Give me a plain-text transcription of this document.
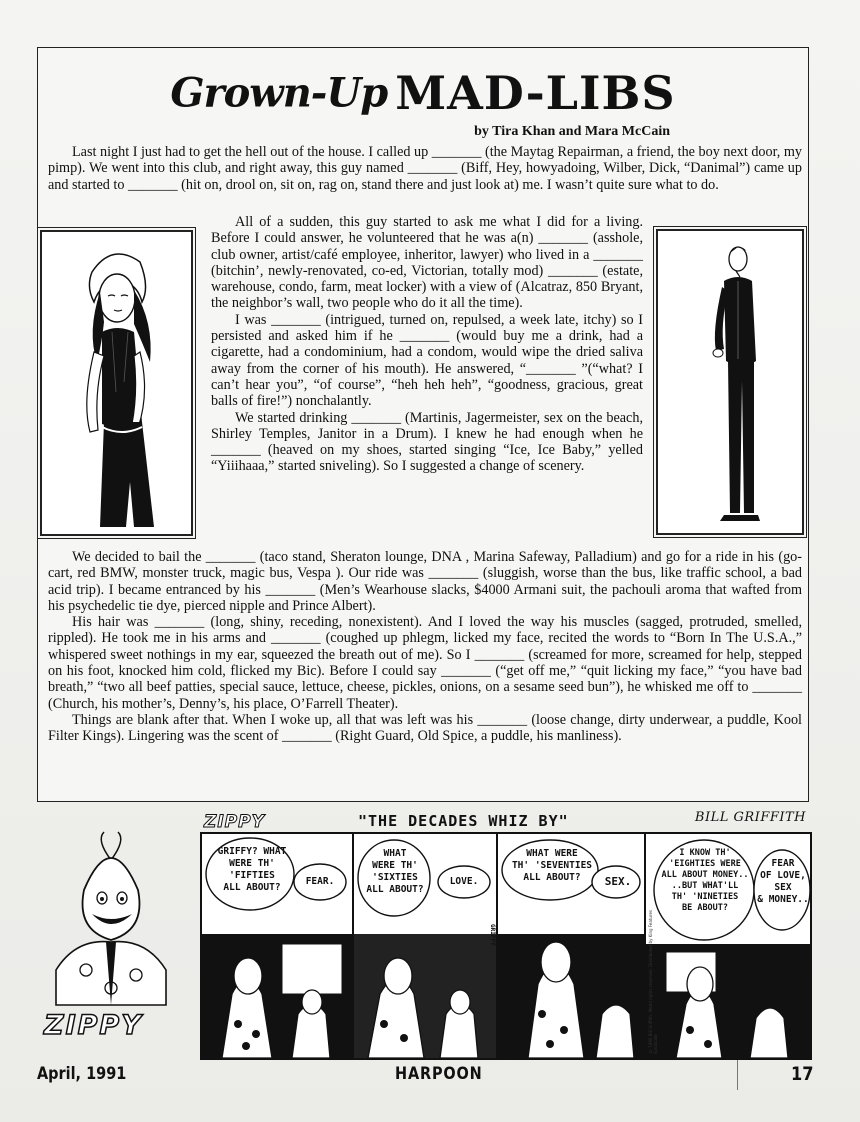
Grown-Up MAD-LIBS
by Tira Khan and Mara McCain

Last night I just had to get the hell out of the house. I called up _______ (the Maytag Repairman, a friend, the boy next door, my pimp). We went into this club, and right away, this guy named _______ (Biff, Hey, howyadoing, Wilber, Dick, “Danimal”) came up and started to _______ (hit on, drool on, sit on, rag on, stand there and just look at) me. I wasn’t quite sure what to do.

All of a sudden, this guy started to ask me what I did for a living. Before I could answer, he volunteered that he was a(n) _______ (asshole, club owner, artist/café employee, inheritor, lawyer) who lived in a _______ (bitchin’, newly-renovated, co-ed, Victorian, totally mod) _______ (estate, warehouse, condo, farm, meat locker) with a view of (Alcatraz, 850 Bryant, the neighbor’s wall, two people who do it all the time).

I was _______ (intrigued, turned on, repulsed, a week late, itchy) so I persisted and asked him if he _______ (would buy me a drink, had a cigarette, had a condominium, had a condom, would wipe the dried saliva away from the corner of his mouth). He answered, “_______ ”(“what? I can’t hear you”, “of course”, “heh heh heh”, “goodness, gracious, great balls of fire!”) nonchalantly.

We started drinking _______ (Martinis, Jagermeister, sex on the beach, Shirley Temples, Janitor in a Drum). I knew he had enough when he _______ (heaved on my shoes, started singing “Ice, Ice Baby,” yelled “Yiiihaaa,” started sniveling). So I suggested a change of scenery.

We decided to bail the _______ (taco stand, Sheraton lounge, DNA , Marina Safeway, Palladium) and go for a ride in his (go-cart, red BMW, monster truck, magic bus, Vespa ). Our ride was _______ (sluggish, worse than the bus, like traffic school, a bad acid trip). I became entranced by his _______ (Men’s Wearhouse slacks, $4000 Armani suit, the pachouli aroma that wafted from his psychedelic tie dye, pierced nipple and Prince Albert).

His hair was _______ (long, shiny, receding, nonexistent). And I loved the way his muscles (sagged, protruded, smelled, rippled). He took me in his arms and _______ (coughed up phlegm, licked my face, recited the words to “Born In The U.S.A.,” whispered sweet nothings in my ear, squeezed the breath out of me). So I _______ (screamed for more, screamed for help, stepped on his foot, knocked him cold, flicked my Bic). Before I could say _______ (“get off me,” “quit licking my face,” “you have bad breath,” “two all beef patties, special sauce, lettuce, cheese, pickles, onions, on a sesame seed bun”), he whisked me off to _______ (Church, his mother’s, Denny’s, his place, O’Farrell Theater).

Things are blank after that. When I woke up, all that was left was his _______ (loose change, dirty underwear, a puddle, Kool Filter Kings). Lingering was the scent of _______ (Right Guard, Old Spice, a puddle, his manliness).

ZIPPY
ZIPPY	"THE DECADES WHIZ BY"	BILL GRIFFITH
GRIFFY? WHAT
WERE TH'
'FIFTIES
ALL ABOUT?
FEAR.
WHAT
WERE TH'
'SIXTIES
ALL ABOUT?
LOVE.
GRIFFY
WHAT WERE
TH' 'SEVENTIES
ALL ABOUT?	SEX.
© 1990 Bill Griffith. World rights reserved. Distributed by King Features Syndicate
I KNOW TH'
'EIGHTIES WERE
ALL ABOUT MONEY..
..BUT WHAT'LL
TH' 'NINETIES
BE ABOUT?
FEAR
OF LOVE,
SEX
& MONEY..
April, 1991	HARPOON	17
